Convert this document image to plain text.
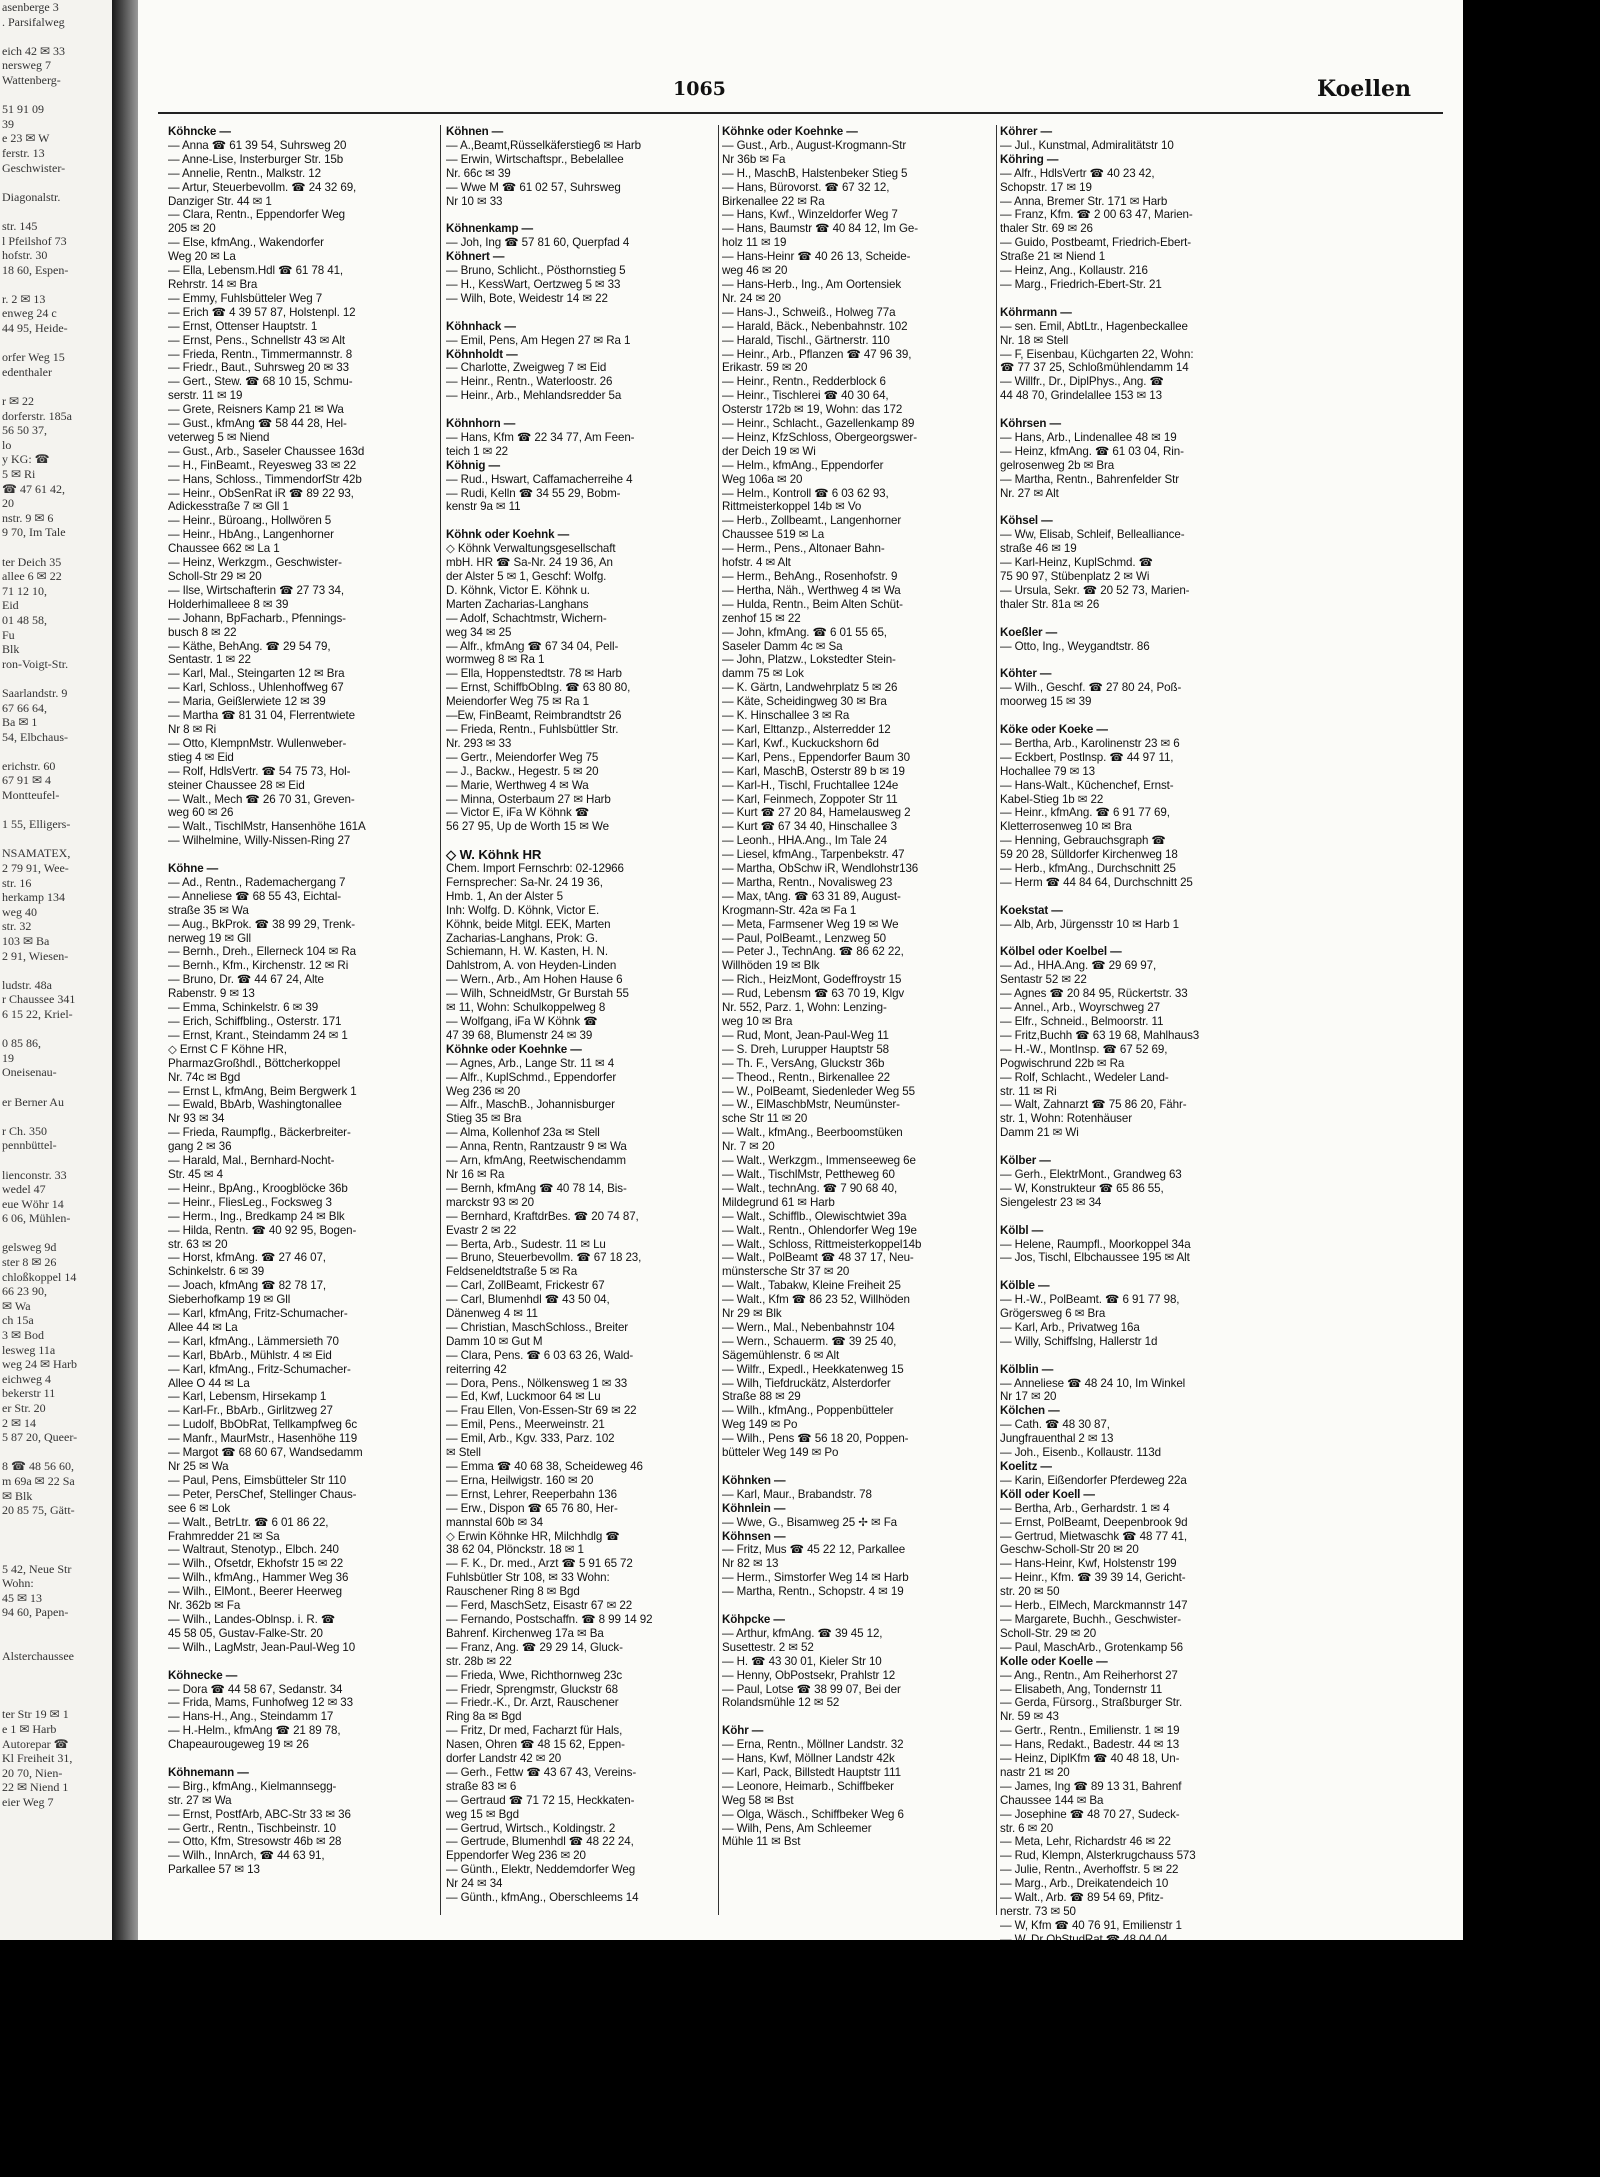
asenberge 3
. Parsifalweg

eich 42 ✉ 33
nersweg 7
Wattenberg-

51 91 09
39
e 23 ✉ W
ferstr. 13
Geschwister-

Diagonalstr.

str. 145
l Pfeilshof 73
hofstr. 30
18 60, Espen-

r. 2 ✉ 13
enweg 24 c
44 95, Heide-

orfer Weg 15
edenthaler

r ✉ 22
dorferstr. 185a
56 50 37,
lo
y KG: ☎
5 ✉ Ri
☎ 47 61 42,
20
nstr. 9 ✉ 6
9 70, Im Tale

ter Deich 35
allee 6 ✉ 22
71 12 10,
Eid
01 48 58,
Fu
Blk
ron-Voigt-Str.

Saarlandstr. 9
67 66 64,
Ba ✉ 1
54, Elbchaus-

erichstr. 60
67 91 ✉ 4
Montteufel-

1 55, Elligers-

NSAMATEX,
2 79 91, Wee-
str. 16
herkamp 134
weg 40
str. 32
103 ✉ Ba
2 91, Wiesen-

ludstr. 48a
r Chaussee 341
6 15 22, Kriel-

0 85 86,
19
Oneisenau-

er Berner Au

r Ch. 350
pennbüttel-

lienconstr. 33
wedel 47
eue Wöhr 14
6 06, Mühlen-

gelsweg 9d
ster 8 ✉ 26
chloßkoppel 14
66 23 90,
✉ Wa
ch 15a
3 ✉ Bod
lesweg 11a
weg 24 ✉ Harb
eichweg 4
bekerstr 11
er Str. 20
2 ✉ 14
5 87 20, Queer-

8 ☎ 48 56 60,
m 69a ✉ 22 Sa
✉ Blk
20 85 75, Gätt-

5 42, Neue Str
Wohn:
45 ✉ 13
94 60, Papen-

Alsterchaussee

ter Str 19 ✉ 1
e 1 ✉ Harb
Autorepar ☎
Kl Freiheit 31,
20 70, Nien-
22 ✉ Niend 1
eier Weg 7
1065	Koellen
Köhncke —
— Anna ☎ 61 39 54, Suhrsweg 20
— Anne-Lise, Insterburger Str. 15b
— Annelie, Rentn., Malkstr. 12
— Artur, Steuerbevollm. ☎ 24 32 69,
Danziger Str. 44 ✉ 1
— Clara, Rentn., Eppendorfer Weg
205 ✉ 20
— Else, kfmAng., Wakendorfer
Weg 20 ✉ La
— Ella, Lebensm.Hdl ☎ 61 78 41,
Rehrstr. 14 ✉ Bra
— Emmy, Fuhlsbütteler Weg 7
— Erich ☎ 4 39 57 87, Holstenpl. 12
— Ernst, Ottenser Hauptstr. 1
— Ernst, Pens., Schnellstr 43 ✉ Alt
— Frieda, Rentn., Timmermannstr. 8
— Friedr., Baut., Suhrsweg 20 ✉ 33
— Gert., Stew. ☎ 68 10 15, Schmu-
serstr. 11 ✉ 19
— Grete, Reisners Kamp 21 ✉ Wa
— Gust., kfmAng ☎ 58 44 28, Hel-
veterweg 5 ✉ Niend
— Gust., Arb., Saseler Chaussee 163d
— H., FinBeamt., Reyesweg 33 ✉ 22
— Hans, Schloss., TimmendorfStr 42b
— Heinr., ObSenRat iR ☎ 89 22 93,
Adickesstraße 7 ✉ Gll 1
— Heinr., Büroang., Hollwören 5
— Heinr., HbAng., Langenhorner
Chaussee 662 ✉ La 1
— Heinz, Werkzgm., Geschwister-
Scholl-Str 29 ✉ 20
— Ilse, Wirtschafterin ☎ 27 73 34,
Holderhimalleee 8 ✉ 39
— Johann, BpFacharb., Pfennings-
busch 8 ✉ 22
— Käthe, BehAng. ☎ 29 54 79,
Sentastr. 1 ✉ 22
— Karl, Mal., Steingarten 12 ✉ Bra
— Karl, Schloss., Uhlenhoffweg 67
— Maria, Geißlerwiete 12 ✉ 39
— Martha ☎ 81 31 04, Flerrentwiete
Nr 8 ✉ Ri
— Otto, KlempnMstr. Wullenweber-
stieg 4 ✉ Eid
— Rolf, HdlsVertr. ☎ 54 75 73, Hol-
steiner Chaussee 28 ✉ Eid
— Walt., Mech ☎ 26 70 31, Greven-
weg 60 ✉ 26
— Walt., TischlMstr, Hansenhöhe 161A
— Wilhelmine, Willy-Nissen-Ring 27

Köhne —
— Ad., Rentn., Rademachergang 7
— Anneliese ☎ 68 55 43, Eichtal-
straße 35 ✉ Wa
— Aug., BkProk. ☎ 38 99 29, Trenk-
nerweg 19 ✉ Gll
— Bernh., Dreh., Ellerneck 104 ✉ Ra
— Bernh., Kfm., Kirchenstr. 12 ✉ Ri
— Bruno, Dr. ☎ 44 67 24, Alte
Rabenstr. 9 ✉ 13
— Emma, Schinkelstr. 6 ✉ 39
— Erich, Schiffbling., Osterstr. 171
— Ernst, Krant., Steindamm 24 ✉ 1
◇ Ernst C F Köhne HR,
PharmazGroßhdl., Böttcherkoppel
Nr. 74c ✉ Bgd
— Ernst L, kfmAng, Beim Bergwerk 1
— Ewald, BbArb, Washingtonallee
Nr 93 ✉ 34
— Frieda, Raumpflg., Bäckerbreiter-
gang 2 ✉ 36
— Harald, Mal., Bernhard-Nocht-
Str. 45 ✉ 4
— Heinr., BpAng., Kroogblöcke 36b
— Heinr., FliesLeg., Focksweg 3
— Herm., Ing., Bredkamp 24 ✉ Blk
— Hilda, Rentn. ☎ 40 92 95, Bogen-
str. 63 ✉ 20
— Horst, kfmAng. ☎ 27 46 07,
Schinkelstr. 6 ✉ 39
— Joach, kfmAng ☎ 82 78 17,
Sieberhofkamp 19 ✉ Gll
— Karl, kfmAng, Fritz-Schumacher-
Allee 44 ✉ La
— Karl, kfmAng., Lämmersieth 70
— Karl, BbArb., Mühlstr. 4 ✉ Eid
— Karl, kfmAng., Fritz-Schumacher-
Allee O 44 ✉ La
— Karl, Lebensm, Hirsekamp 1
— Karl-Fr., BbArb., Girlitzweg 27
— Ludolf, BbObRat, Tellkampfweg 6c
— Manfr., MaurMstr., Hasenhöhe 119
— Margot ☎ 68 60 67, Wandsedamm
Nr 25 ✉ Wa
— Paul, Pens, Eimsbütteler Str 110
— Peter, PersChef, Stellinger Chaus-
see 6 ✉ Lok
— Walt., BetrLtr. ☎ 6 01 86 22,
Frahmredder 21 ✉ Sa
— Waltraut, Stenotyp., Elbch. 240
— Wilh., Ofsetdr, Ekhofstr 15 ✉ 22
— Wilh., kfmAng., Hammer Weg 36
— Wilh., ElMont., Beerer Heerweg
Nr. 362b ✉ Fa
— Wilh., Landes-Oblnsp. i. R. ☎
45 58 05, Gustav-Falke-Str. 20
— Wilh., LagMstr, Jean-Paul-Weg 10

Köhnecke —
— Dora ☎ 44 58 67, Sedanstr. 34
— Frida, Mams, Funhofweg 12 ✉ 33
— Hans-H., Ang., Steindamm 17
— H.-Helm., kfmAng ☎ 21 89 78,
Chapeaurougeweg 19 ✉ 26

Köhnemann —
— Birg., kfmAng., Kielmannsegg-
str. 27 ✉ Wa
— Ernst, PostfArb, ABC-Str 33 ✉ 36
— Gertr., Rentn., Tischbeinstr. 10
— Otto, Kfm, Stresowstr 46b ✉ 28
— Wilh., InnArch, ☎ 44 63 91,
Parkallee 57 ✉ 13
Köhnen —
— A.,Beamt,Rüsselkäferstieg6 ✉ Harb
— Erwin, Wirtschaftspr., Bebelallee
Nr. 66c ✉ 39
— Wwe M ☎ 61 02 57, Suhrsweg
Nr 10 ✉ 33

Köhnenkamp —
— Joh, Ing ☎ 57 81 60, Querpfad 4
Köhnert —
— Bruno, Schlicht., Pösthornstieg 5
— H., KessWart, Oertzweg 5 ✉ 33
— Wilh, Bote, Weidestr 14 ✉ 22

Köhnhack —
— Emil, Pens, Am Hegen 27 ✉ Ra 1
Köhnholdt —
— Charlotte, Zweigweg 7 ✉ Eid
— Heinr., Rentn., Waterloostr. 26
— Heinr., Arb., Mehlandsredder 5a

Köhnhorn —
— Hans, Kfm ☎ 22 34 77, Am Feen-
teich 1 ✉ 22
Köhnig —
— Rud., Hswart, Caffamacherreihe 4
— Rudi, Kelln ☎ 34 55 29, Bobm-
kenstr 9a ✉ 11

Köhnk oder Koehnk —
◇ Köhnk Verwaltungsgesellschaft
mbH. HR ☎ Sa-Nr. 24 19 36, An
der Alster 5 ✉ 1, Geschf: Wolfg.
D. Köhnk, Victor E. Köhnk u.
Marten Zacharias-Langhans
— Adolf, Schachtmstr, Wichern-
weg 34 ✉ 25
— Alfr., kfmAng ☎ 67 34 04, Pell-
wormweg 8 ✉ Ra 1
— Ella, Hoppenstedtstr. 78 ✉ Harb
— Ernst, SchiffbObIng. ☎ 63 80 80,
Meiendorfer Weg 75 ✉ Ra 1
—Ew, FinBeamt, Reimbrandtstr 26
— Frieda, Rentn., Fuhlsbüttler Str.
Nr. 293 ✉ 33
— Gertr., Meiendorfer Weg 75
— J., Backw., Hegestr. 5 ✉ 20
— Marie, Werthweg 4 ✉ Wa
— Minna, Osterbaum 27 ✉ Harb
— Victor E, iFa W Köhnk ☎
56 27 95, Up de Worth 15 ✉ We

◇ W. Köhnk HR
Chem. Import Fernschrb: 02-12966
Fernsprecher: Sa-Nr. 24 19 36,
Hmb. 1, An der Alster 5
Inh: Wolfg. D. Köhnk, Victor E.
Köhnk, beide Mitgl. EEK, Marten
Zacharias-Langhans, Prok: G.
Schiemann, H. W. Kasten, H. N.
Dahlstrom, A. von Heyden-Linden
— Wern., Arb., Am Hohen Hause 6
— Wilh, SchneidMstr, Gr Burstah 55
✉ 11, Wohn: Schulkoppelweg 8
— Wolfgang, iFa W Köhnk ☎
47 39 68, Blumenstr 24 ✉ 39
Köhnke oder Koehnke —
— Agnes, Arb., Lange Str. 11 ✉ 4
— Alfr., KuplSchmd., Eppendorfer
Weg 236 ✉ 20
— Alfr., MaschB., Johannisburger
Stieg 35 ✉ Bra
— Alma, Kollenhof 23a ✉ Stell
— Anna, Rentn, Rantzaustr 9 ✉ Wa
— Arn, kfmAng, Reetwischendamm
Nr 16 ✉ Ra
— Bernh, kfmAng ☎ 40 78 14, Bis-
marckstr 93 ✉ 20
— Bernhard, KraftdrBes. ☎ 20 74 87,
Evastr 2 ✉ 22
— Berta, Arb., Sudestr. 11 ✉ Lu
— Bruno, Steuerbevollm. ☎ 67 18 23,
Feldseneldtstraße 5 ✉ Ra
— Carl, ZollBeamt, Frickestr 67
— Carl, Blumenhdl ☎ 43 50 04,
Dänenweg 4 ✉ 11
— Christian, MaschSchloss., Breiter
Damm 10 ✉ Gut M
— Clara, Pens. ☎ 6 03 63 26, Wald-
reiterring 42
— Dora, Pens., Nölkensweg 1 ✉ 33
— Ed, Kwf, Luckmoor 64 ✉ Lu
— Frau Ellen, Von-Essen-Str 69 ✉ 22
— Emil, Pens., Meerweinstr. 21
— Emil, Arb., Kgv. 333, Parz. 102
✉ Stell
— Emma ☎ 40 68 38, Scheideweg 46
— Erna, Heilwigstr. 160 ✉ 20
— Ernst, Lehrer, Reeperbahn 136
— Erw., Dispon ☎ 65 76 80, Her-
mannstal 60b ✉ 34
◇ Erwin Köhnke HR, Milchhdlg ☎
38 62 04, Plönckstr. 18 ✉ 1
— F. K., Dr. med., Arzt ☎ 5 91 65 72
Fuhlsbütler Str 108, ✉ 33 Wohn:
Rauschener Ring 8 ✉ Bgd
— Ferd, MaschSetz, Eisastr 67 ✉ 22
— Fernando, Postschaffn. ☎ 8 99 14 92
Bahrenf. Kirchenweg 17a ✉ Ba
— Franz, Ang. ☎ 29 29 14, Gluck-
str. 28b ✉ 22
— Frieda, Wwe, Richthornweg 23c
— Friedr, Sprengmstr, Gluckstr 68
— Friedr.-K., Dr. Arzt, Rauschener
Ring 8a ✉ Bgd
— Fritz, Dr med, Facharzt für Hals,
Nasen, Ohren ☎ 48 15 62, Eppen-
dorfer Landstr 42 ✉ 20
— Gerh., Fettw ☎ 43 67 43, Vereins-
straße 83 ✉ 6
— Gertraud ☎ 71 72 15, Heckkaten-
weg 15 ✉ Bgd
— Gertrud, Wirtsch., Koldingstr. 2
— Gertrude, Blumenhdl ☎ 48 22 24,
Eppendorfer Weg 236 ✉ 20
— Günth., Elektr, Neddemdorfer Weg
Nr 24 ✉ 34
— Günth., kfmAng., Oberschleems 14
Köhnke oder Koehnke —
— Gust., Arb., August-Krogmann-Str
Nr 36b ✉ Fa
— H., MaschB, Halstenbeker Stieg 5
— Hans, Bürovorst. ☎ 67 32 12,
Birkenallee 22 ✉ Ra
— Hans, Kwf., Winzeldorfer Weg 7
— Hans, Baumstr ☎ 40 84 12, Im Ge-
holz 11 ✉ 19
— Hans-Heinr ☎ 40 26 13, Scheide-
weg 46 ✉ 20
— Hans-Herb., Ing., Am Oortensiek
Nr. 24 ✉ 20
— Hans-J., Schweiß., Holweg 77a
— Harald, Bäck., Nebenbahnstr. 102
— Harald, Tischl., Gärtnerstr. 110
— Heinr., Arb., Pflanzen ☎ 47 96 39,
Erikastr. 59 ✉ 20
— Heinr., Rentn., Redderblock 6
— Heinr., Tischlerei ☎ 40 30 64,
Osterstr 172b ✉ 19, Wohn: das 172
— Heinr., Schlacht., Gazellenkamp 89
— Heinz, KfzSchloss, Obergeorgswer-
der Deich 19 ✉ Wi
— Helm., kfmAng., Eppendorfer
Weg 106a ✉ 20
— Helm., Kontroll ☎ 6 03 62 93,
Rittmeisterkoppel 14b ✉ Vo
— Herb., Zollbeamt., Langenhorner
Chaussee 519 ✉ La
— Herm., Pens., Altonaer Bahn-
hofstr. 4 ✉ Alt
— Herm., BehAng., Rosenhofstr. 9
— Hertha, Näh., Werthweg 4 ✉ Wa
— Hulda, Rentn., Beim Alten Schüt-
zenhof 15 ✉ 22
— John, kfmAng. ☎ 6 01 55 65,
Saseler Damm 4c ✉ Sa
— John, Platzw., Lokstedter Stein-
damm 75 ✉ Lok
— K. Gärtn, Landwehrplatz 5 ✉ 26
— Käte, Scheidingweg 30 ✉ Bra
— K. Hinschallee 3 ✉ Ra
— Karl, Elttanzp., Alsterredder 12
— Karl, Kwf., Kuckuckshorn 6d
— Karl, Pens., Eppendorfer Baum 30
— Karl, MaschB, Osterstr 89 b ✉ 19
— Karl-H., Tischl, Fruchtallee 124e
— Karl, Feinmech, Zoppoter Str 11
— Kurt ☎ 27 20 84, Hamelausweg 2
— Kurt ☎ 67 34 40, Hinschallee 3
— Leonh., HHA.Ang., Im Tale 24
— Liesel, kfmAng., Tarpenbekstr. 47
— Martha, ObSchw iR, Wendlohstr136
— Martha, Rentn., Novalisweg 23
— Max, tAng. ☎ 63 31 89, August-
Krogmann-Str. 42a ✉ Fa 1
— Meta, Farmsener Weg 19 ✉ We
— Paul, PolBeamt., Lenzweg 50
— Peter J., TechnAng. ☎ 86 62 22,
Willhöden 19 ✉ Blk
— Rich., HeizMont, Godeffroystr 15
— Rud, Lebensm ☎ 63 70 19, Klgv
Nr. 552, Parz. 1, Wohn: Lenzing-
weg 10 ✉ Bra
— Rud, Mont, Jean-Paul-Weg 11
— S. Dreh, Lurupper Hauptstr 58
— Th. F., VersAng, Gluckstr 36b
— Theod., Rentn., Birkenallee 22
— W., PolBeamt, Siedenleder Weg 55
— W., ElMaschbMstr, Neumünster-
sche Str 11 ✉ 20
— Walt., kfmAng., Beerboomstüken
Nr. 7 ✉ 20
— Walt., Werkzgm., Immenseeweg 6e
— Walt., TischlMstr, Pettheweg 60
— Walt., technAng. ☎ 7 90 68 40,
Mildegrund 61 ✉ Harb
— Walt., Schifflb., Olewischtwiet 39a
— Walt., Rentn., Ohlendorfer Weg 19e
— Walt., Schloss, Rittmeisterkoppel14b
— Walt., PolBeamt ☎ 48 37 17, Neu-
münstersche Str 37 ✉ 20
— Walt., Tabakw, Kleine Freiheit 25
— Walt., Kfm ☎ 86 23 52, Willhöden
Nr 29 ✉ Blk
— Wern., Mal., Nebenbahnstr 104
— Wern., Schauerm. ☎ 39 25 40,
Sägemühlenstr. 6 ✉ Alt
— Wilfr., Expedl., Heekkatenweg 15
— Wilh, Tiefdruckätz, Alsterdorfer
Straße 88 ✉ 29
— Wilh., kfmAng., Poppenbütteler
Weg 149 ✉ Po
— Wilh., Pens ☎ 56 18 20, Poppen-
bütteler Weg 149 ✉ Po

Köhnken —
— Karl, Maur., Brabandstr. 78
Köhnlein —
— Wwe, G., Bisamweg 25 ✢ ✉ Fa
Köhnsen —
— Fritz, Mus ☎ 45 22 12, Parkallee
Nr 82 ✉ 13
— Herm., Simstorfer Weg 14 ✉ Harb
— Martha, Rentn., Schopstr. 4 ✉ 19

Köhpcke —
— Arthur, kfmAng. ☎ 39 45 12,
Susettestr. 2 ✉ 52
— H. ☎ 43 30 01, Kieler Str 10
— Henny, ObPostsekr, Prahlstr 12
— Paul, Lotse ☎ 38 99 07, Bei der
Rolandsmühle 12 ✉ 52

Köhr —
— Erna, Rentn., Möllner Landstr. 32
— Hans, Kwf, Möllner Landstr 42k
— Karl, Pack, Billstedt Hauptstr 111
— Leonore, Heimarb., Schiffbeker
Weg 58 ✉ Bst
— Olga, Wäsch., Schiffbeker Weg 6
— Wilh, Pens, Am Schleemer
Mühle 11 ✉ Bst
Köhrer —
— Jul., Kunstmal, Admiralitätstr 10
Köhring —
— Alfr., HdlsVertr ☎ 40 23 42,
Schopstr. 17 ✉ 19
— Anna, Bremer Str. 171 ✉ Harb
— Franz, Kfm. ☎ 2 00 63 47, Marien-
thaler Str. 69 ✉ 26
— Guido, Postbeamt, Friedrich-Ebert-
Straße 21 ✉ Niend 1
— Heinz, Ang., Kollaustr. 216
— Marg., Friedrich-Ebert-Str. 21

Köhrmann —
— sen. Emil, AbtLtr., Hagenbeckallee
Nr. 18 ✉ Stell
— F, Eisenbau, Küchgarten 22, Wohn:
☎ 77 37 25, Schloßmühlendamm 14
— Willfr., Dr., DiplPhys., Ang. ☎
44 48 70, Grindelallee 153 ✉ 13

Köhrsen —
— Hans, Arb., Lindenallee 48 ✉ 19
— Heinz, kfmAng. ☎ 61 03 04, Rin-
gelrosenweg 2b ✉ Bra
— Martha, Rentn., Bahrenfelder Str
Nr. 27 ✉ Alt

Köhsel —
— Ww, Elisab, Schleif, Bellealliance-
straße 46 ✉ 19
— Karl-Heinz, KuplSchmd. ☎
75 90 97, Stübenplatz 2 ✉ Wi
— Ursula, Sekr. ☎ 20 52 73, Marien-
thaler Str. 81a ✉ 26

Koeßler —
— Otto, Ing., Weygandtstr. 86

Köhter —
— Wilh., Geschf. ☎ 27 80 24, Poß-
moorweg 15 ✉ 39

Köke oder Koeke —
— Bertha, Arb., Karolinenstr 23 ✉ 6
— Eckbert, Postlnsp. ☎ 44 97 11,
Hochallee 79 ✉ 13
— Hans-Walt., Kūchenchef, Ernst-
Kabel-Stieg 1b ✉ 22
— Heinr., kfmAng. ☎ 6 91 77 69,
Kletterrosenweg 10 ✉ Bra
— Henning, Gebrauchsgraph ☎
59 20 28, Sülldorfer Kirchenweg 18
— Herb., kfmAng., Durchschnitt 25
— Herm ☎ 44 84 64, Durchschnitt 25

Koekstat —
— Alb, Arb, Jürgensstr 10 ✉ Harb 1

Kölbel oder Koelbel —
— Ad., HHA.Ang. ☎ 29 69 97,
Sentastr 52 ✉ 22
— Agnes ☎ 20 84 95, Rückertstr. 33
— Annel., Arb., Woyrschweg 27
— Elfr., Schneid., Belmoorstr. 11
— Fritz,Buchh ☎ 63 19 68, Mahlhaus3
— H.-W., MontInsp. ☎ 67 52 69,
Pogwischrund 22b ✉ Ra
— Rolf, Schlacht., Wedeler Land-
str. 11 ✉ Ri
— Walt, Zahnarzt ☎ 75 86 20, Fähr-
str. 1, Wohn: Rotenhäuser
Damm 21 ✉ Wi

Kölber —
— Gerh., ElektrMont., Grandweg 63
— W, Konstrukteur ☎ 65 86 55,
Siengelestr 23 ✉ 34

Kölbl —
— Helene, Raumpfl., Moorkoppel 34a
— Jos, Tischl, Elbchaussee 195 ✉ Alt

Kölble —
— H.-W., PolBeamt. ☎ 6 91 77 98,
Grögersweg 6 ✉ Bra
— Karl, Arb., Privatweg 16a
— Willy, Schiffslng, Hallerstr 1d

Kölblin —
— Anneliese ☎ 48 24 10, Im Winkel
Nr 17 ✉ 20
Kölchen —
— Cath. ☎ 48 30 87,
Jungfrauenthal 2 ✉ 13
— Joh., Eisenb., Kollaustr. 113d
Koelitz —
— Karin, Eißendorfer Pferdeweg 22a
Köll oder Koell —
— Bertha, Arb., Gerhardstr. 1 ✉ 4
— Ernst, PolBeamt, Deepenbrook 9d
— Gertrud, Mietwaschk ☎ 48 77 41,
Geschw-Scholl-Str 20 ✉ 20
— Hans-Heinr, Kwf, Holstenstr 199
— Heinr., Kfm. ☎ 39 39 14, Gericht-
str. 20 ✉ 50
— Herb., ElMech, Marckmannstr 147
— Margarete, Buchh., Geschwister-
Scholl-Str. 29 ✉ 20
— Paul, MaschArb., Grotenkamp 56
Kolle oder Koelle —
— Ang., Rentn., Am Reiherhorst 27
— Elisabeth, Ang, Tondernstr 11
— Gerda, Fürsorg., Straßburger Str.
Nr. 59 ✉ 43
— Gertr., Rentn., Emilienstr. 1 ✉ 19
— Hans, Redakt., Badestr. 44 ✉ 13
— Heinz, DiplKfm ☎ 40 48 18, Un-
nastr 21 ✉ 20
— James, Ing ☎ 89 13 31, Bahrenf
Chaussee 144 ✉ Ba
— Josephine ☎ 48 70 27, Sudeck-
str. 6 ✉ 20
— Meta, Lehr, Richardstr 46 ✉ 22
— Rud, Klempn, Alsterkrugchauss 573
— Julie, Rentn., Averhoffstr. 5 ✉ 22
— Marg., Arb., Dreikatendeich 10
— Walt., Arb. ☎ 89 54 69, Pfitz-
nerstr. 73 ✉ 50
— W, Kfm ☎ 40 76 91, Emilienstr 1
